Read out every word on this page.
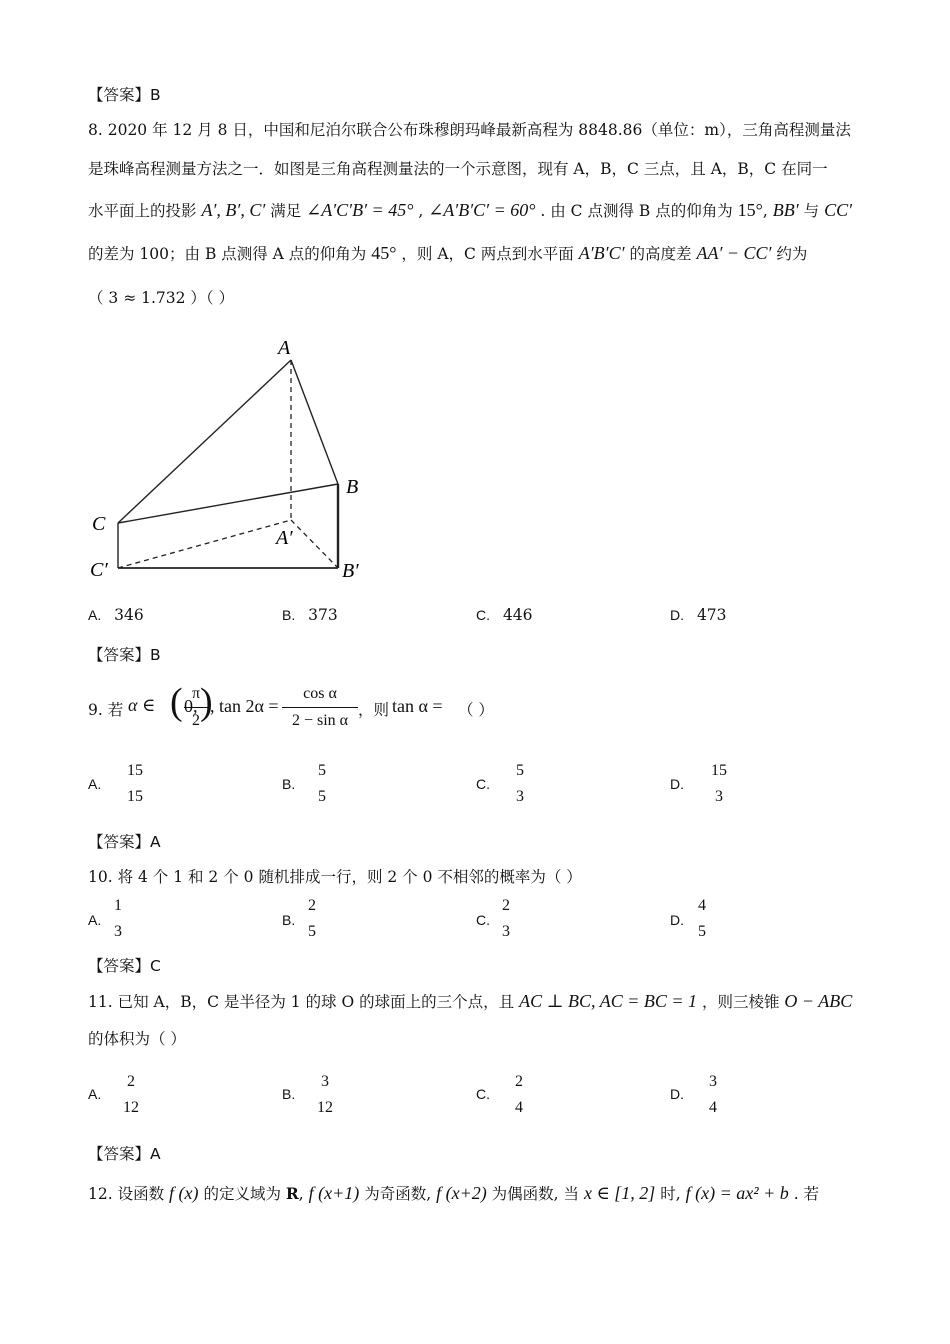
【答案】B
8. 2020 年 12 月 8 日，中国和尼泊尔联合公布珠穆朗玛峰最新高程为 8848.86（单位：m），三角高程测量法
是珠峰高程测量方法之一．如图是三角高程测量法的一个示意图，现有 A，B，C 三点，且 A，B，C 在同一
水平面上的投影 A′, B′, C′ 满足 ∠A′C′B′ = 45° , ∠A′B′C′ = 60° . 由 C 点测得 B 点的仰角为 15°, BB′ 与 CC′
的差为 100；由 B 点测得 A 点的仰角为 45° ，则 A，C 两点到水平面 A′B′C′ 的高度差 AA′ − CC′ 约为
（ 3 ≈ 1.732 ）（ ）
A
B
C
A′
B′
C′
A. 346	B. 373	C. 446	D. 473
【答案】B
9. 若 α ∈ ( 0,
$\frac{\pi}{2}$
)
, $\tan 2\alpha = \frac{\text{cos α}}{\text{2 − sin α}}$ ，则 tan α = （ ）
A.
15
15
B.
5
5
C.
5
3
D.
15
3
【答案】A
10. 将 4 个 1 和 2 个 0 随机排成一行，则 2 个 0 不相邻的概率为（ ）
A.
1
3
B.
2
5
C.
2
3
D.
4
5
【答案】C
11. 已知 A，B，C 是半径为 1 的球 O 的球面上的三个点，且 AC ⊥ BC, AC = BC = 1 ，则三棱锥 O − ABC
的体积为（ ）
A.
2
12
B.
3
12
C.
2
4
D.
3
4
【答案】A
12. 设函数 f (x) 的定义域为 R, f (x+1) 为奇函数, f (x+2) 为偶函数, 当 x ∈ [1, 2] 时, f (x) = ax² + b . 若
